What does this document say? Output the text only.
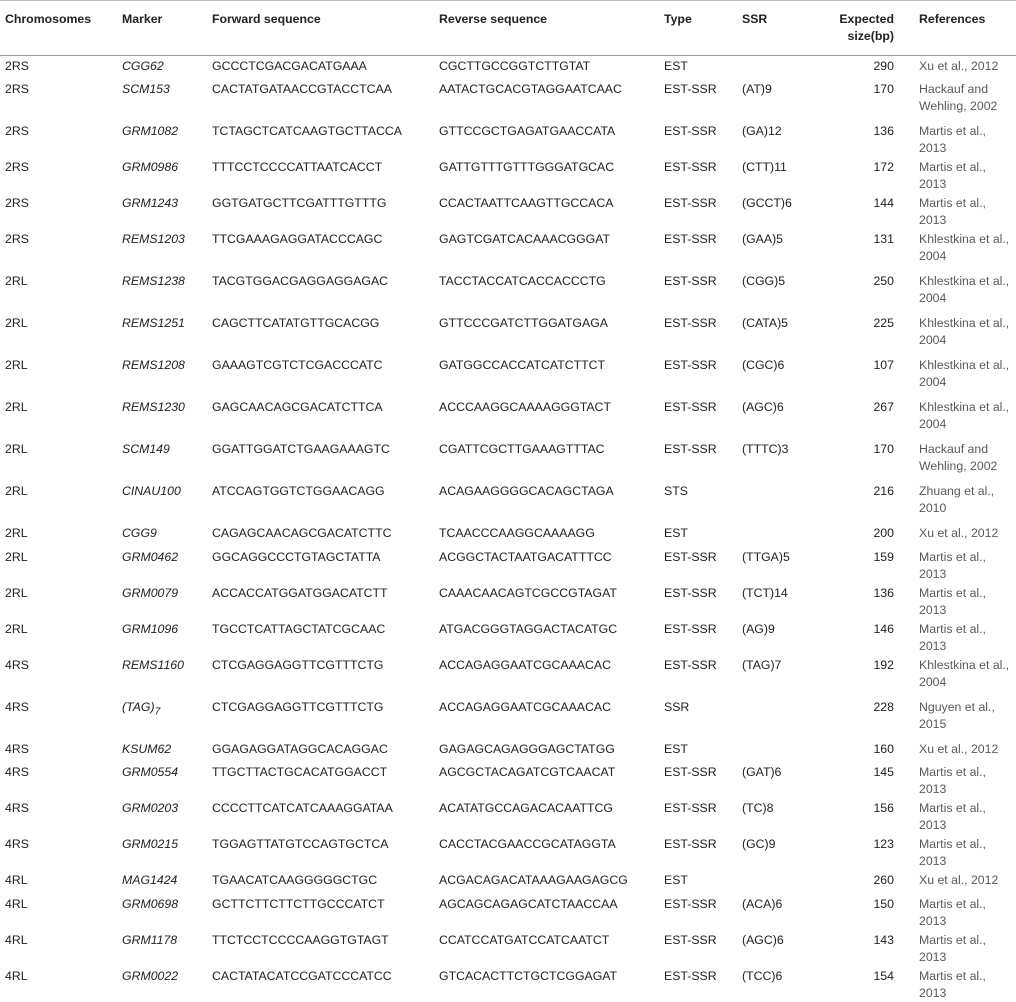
Chromosomes	Marker	Forward sequence	Reverse sequence	Type	SSR	Expected size(bp)	References
2RS	CGG62	GCCCTCGACGACATGAAA	CGCTTGCCGGTCTTGTAT	EST		290	Xu et al., 2012
2RS	SCM153	CACTATGATAACCGTACCTCAA	AATACTGCACGTAGGAATCAAC	EST-SSR	(AT)9	170	Hackauf and Wehling, 2002
2RS	GRM1082	TCTAGCTCATCAAGTGCTTACCA	GTTCCGCTGAGATGAACCATA	EST-SSR	(GA)12	136	Martis et al., 2013
2RS	GRM0986	TTTCCTCCCCATTAATCACCT	GATTGTTTGTTTGGGATGCAC	EST-SSR	(CTT)11	172	Martis et al., 2013
2RS	GRM1243	GGTGATGCTTCGATTTGTTTG	CCACTAATTCAAGTTGCCACA	EST-SSR	(GCCT)6	144	Martis et al., 2013
2RS	REMS1203	TTCGAAAGAGGATACCCAGC	GAGTCGATCACAAACGGGAT	EST-SSR	(GAA)5	131	Khlestkina et al., 2004
2RL	REMS1238	TACGTGGACGAGGAGGAGAC	TACCTACCATCACCACCCTG	EST-SSR	(CGG)5	250	Khlestkina et al., 2004
2RL	REMS1251	CAGCTTCATATGTTGCACGG	GTTCCCGATCTTGGATGAGA	EST-SSR	(CATA)5	225	Khlestkina et al., 2004
2RL	REMS1208	GAAAGTCGTCTCGACCCATC	GATGGCCACCATCATCTTCT	EST-SSR	(CGC)6	107	Khlestkina et al., 2004
2RL	REMS1230	GAGCAACAGCGACATCTTCA	ACCCAAGGCAAAAGGGTACT	EST-SSR	(AGC)6	267	Khlestkina et al., 2004
2RL	SCM149	GGATTGGATCTGAAGAAAGTC	CGATTCGCTTGAAAGTTTAC	EST-SSR	(TTTC)3	170	Hackauf and Wehling, 2002
2RL	CINAU100	ATCCAGTGGTCTGGAACAGG	ACAGAAGGGGCACAGCTAGA	STS		216	Zhuang et al., 2010
2RL	CGG9	CAGAGCAACAGCGACATCTTC	TCAACCCAAGGCAAAAGG	EST		200	Xu et al., 2012
2RL	GRM0462	GGCAGGCCCTGTAGCTATTA	ACGGCTACTAATGACATTTCC	EST-SSR	(TTGA)5	159	Martis et al., 2013
2RL	GRM0079	ACCACCATGGATGGACATCTT	CAAACAACAGTCGCCGTAGAT	EST-SSR	(TCT)14	136	Martis et al., 2013
2RL	GRM1096	TGCCTCATTAGCTATCGCAAC	ATGACGGGTAGGACTACATGC	EST-SSR	(AG)9	146	Martis et al., 2013
4RS	REMS1160	CTCGAGGAGGTTCGTTTCTG	ACCAGAGGAATCGCAAACAC	EST-SSR	(TAG)7	192	Khlestkina et al., 2004
4RS	$(TAG)_7$	CTCGAGGAGGTTCGTTTCTG	ACCAGAGGAATCGCAAACAC	SSR		228	Nguyen et al., 2015
4RS	KSUM62	GGAGAGGATAGGCACAGGAC	GAGAGCAGAGGGAGCTATGG	EST		160	Xu et al., 2012
4RS	GRM0554	TTGCTTACTGCACATGGACCT	AGCGCTACAGATCGTCAACAT	EST-SSR	(GAT)6	145	Martis et al., 2013
4RS	GRM0203	CCCCTTCATCATCAAAGGATAA	ACATATGCCAGACACAATTCG	EST-SSR	(TC)8	156	Martis et al., 2013
4RS	GRM0215	TGGAGTTATGTCCAGTGCTCA	CACCTACGAACCGCATAGGTA	EST-SSR	(GC)9	123	Martis et al., 2013
4RL	MAG1424	TGAACATCAAGGGGGCTGC	ACGACAGACATAAAGAAGAGCG	EST		260	Xu et al., 2012
4RL	GRM0698	GCTTCTTCTTCTTGCCCATCT	AGCAGCAGAGCATCTAACCAA	EST-SSR	(ACA)6	150	Martis et al., 2013
4RL	GRM1178	TTCTCCTCCCCAAGGTGTAGT	CCATCCATGATCCATCAATCT	EST-SSR	(AGC)6	143	Martis et al., 2013
4RL	GRM0022	CACTATACATCCGATCCCATCC	GTCACACTTCTGCTCGGAGAT	EST-SSR	(TCC)6	154	Martis et al., 2013
